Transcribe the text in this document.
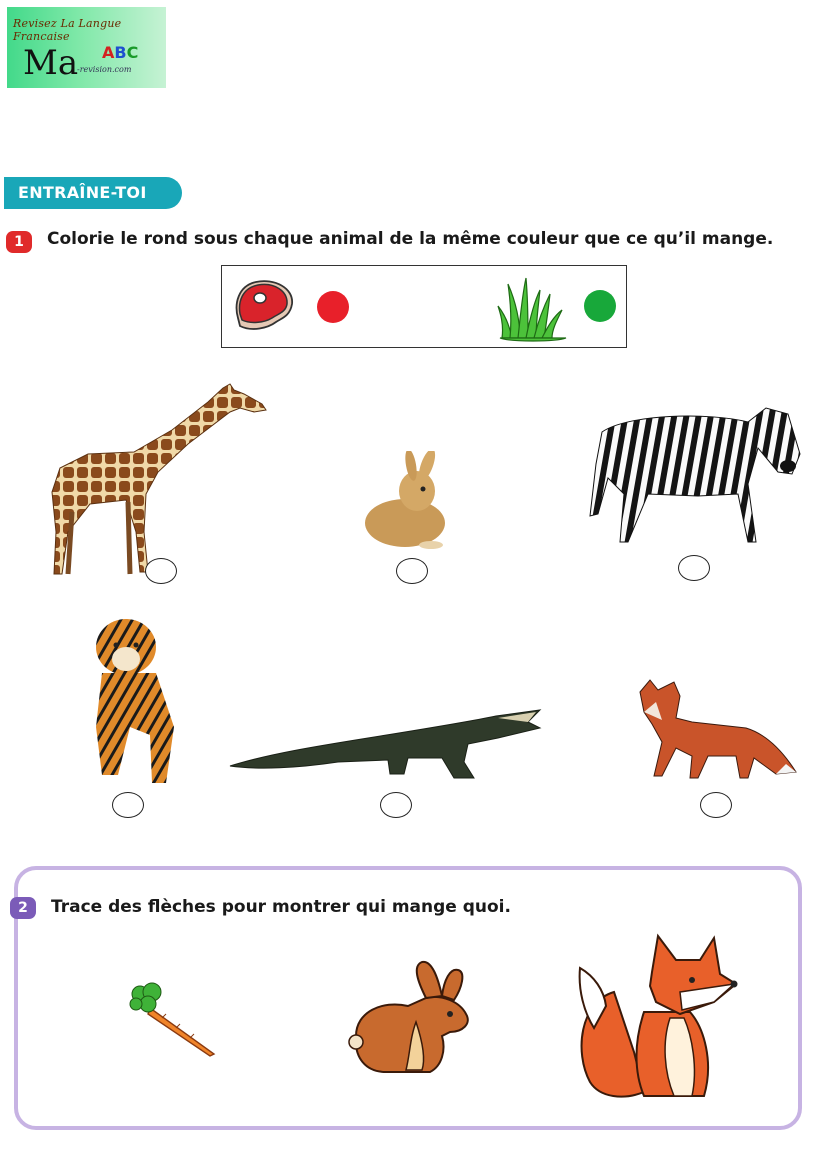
Revisez La Langue Francaise
Ma ABC
-revision.com
ENTRAÎNE-TOI
1	Colorie le rond sous chaque animal de la même couleur que ce qu’il mange.
2	Trace des flèches pour montrer qui mange quoi.
